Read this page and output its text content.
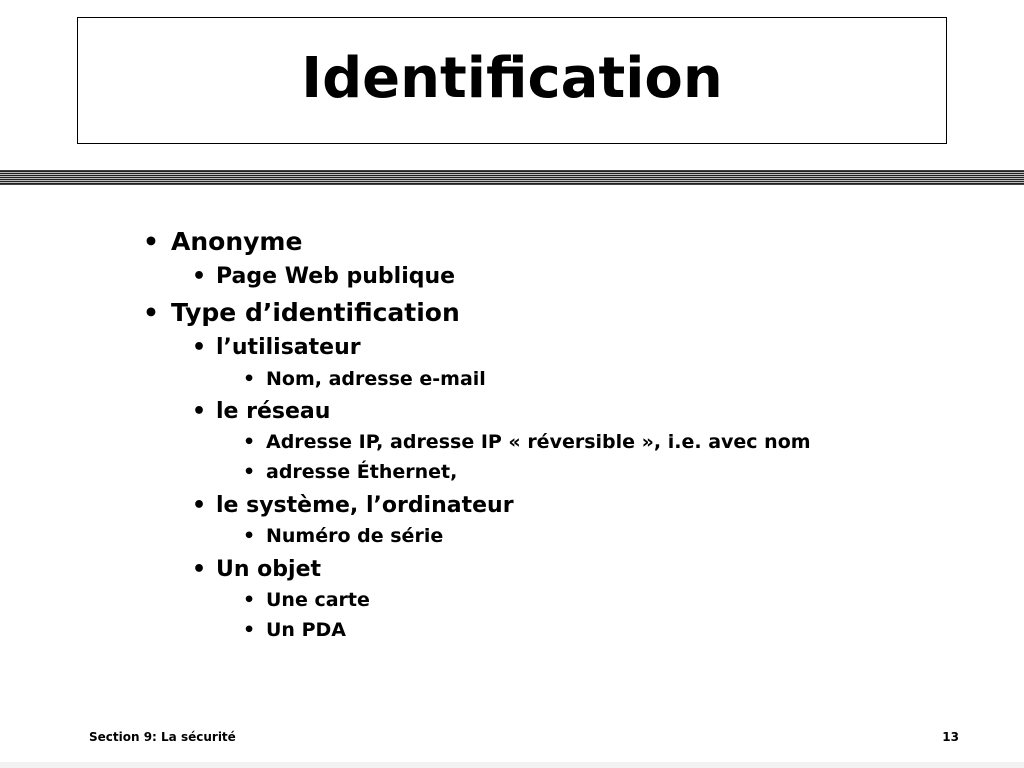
Identification
• Anonyme
• Page Web publique
• Type d’identification
• l’utilisateur
• Nom, adresse e-mail
• le réseau
• Adresse IP, adresse IP « réversible », i.e. avec nom
• adresse Éthernet,
• le système, l’ordinateur
• Numéro de série
• Un objet
• Une carte
• Un PDA
Section 9: La sécurité	13
